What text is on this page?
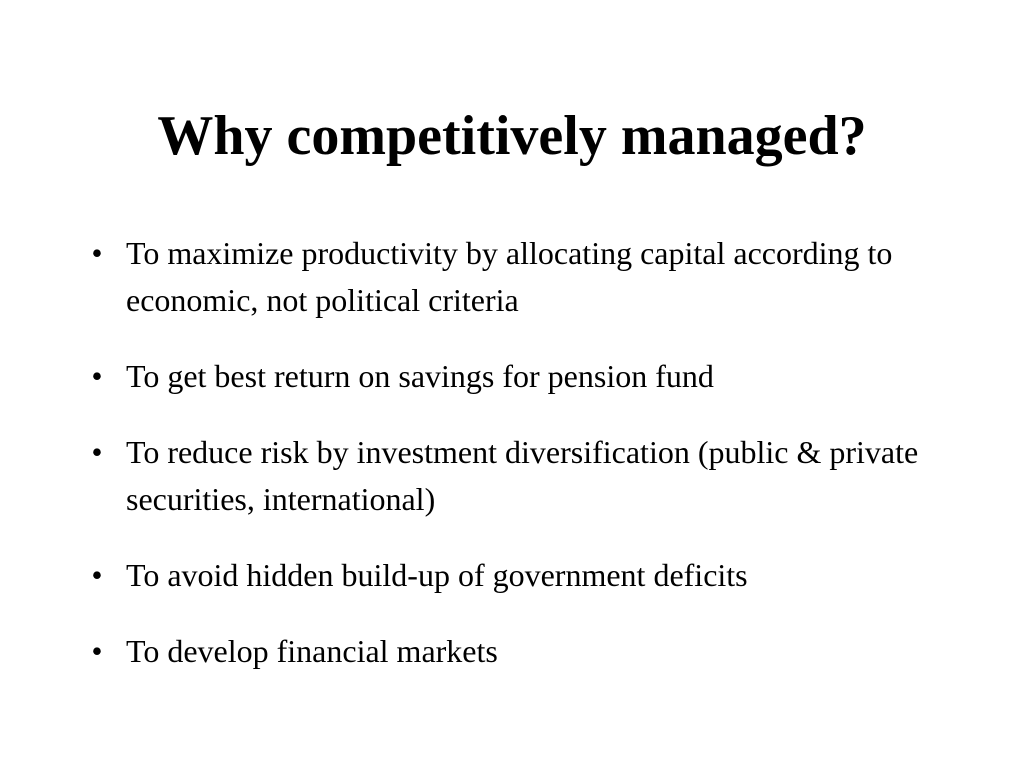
Why competitively managed?
• To maximize productivity by allocating capital according to economic, not political criteria
• To get best return on savings for pension fund
• To reduce risk by investment diversification (public & private securities, international)
• To avoid hidden build-up of government deficits
• To develop financial markets
